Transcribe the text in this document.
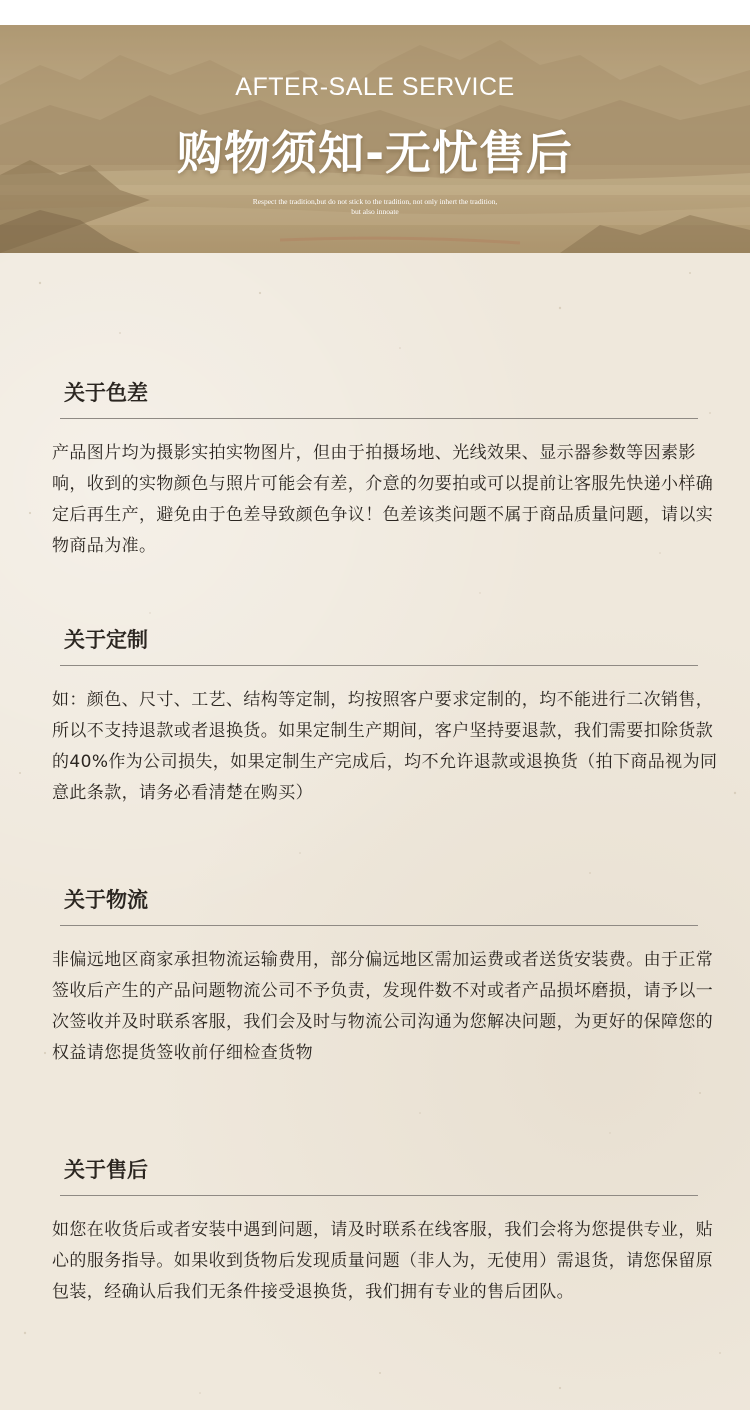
AFTER-SALE SERVICE
购物须知-无忧售后
Respect the tradition,but do not stick to the tradition, not only inhert the tradition, but also innoate
关于色差
产品图片均为摄影实拍实物图片，但由于拍摄场地、光线效果、显示器参数等因素影响，收到的实物颜色与照片可能会有差，介意的勿要拍或可以提前让客服先快递小样确定后再生产，避免由于色差导致颜色争议！色差该类问题不属于商品质量问题，请以实物商品为准。
关于定制
如：颜色、尺寸、工艺、结构等定制，均按照客户要求定制的，均不能进行二次销售，所以不支持退款或者退换货。如果定制生产期间，客户坚持要退款，我们需要扣除货款的40%作为公司损失，如果定制生产完成后，均不允许退款或退换货（拍下商品视为同意此条款，请务必看清楚在购买）
关于物流
非偏远地区商家承担物流运输费用，部分偏远地区需加运费或者送货安装费。由于正常签收后产生的产品问题物流公司不予负责，发现件数不对或者产品损坏磨损，请予以一次签收并及时联系客服，我们会及时与物流公司沟通为您解决问题，为更好的保障您的权益请您提货签收前仔细检查货物
关于售后
如您在收货后或者安装中遇到问题，请及时联系在线客服，我们会将为您提供专业，贴心的服务指导。如果收到货物后发现质量问题（非人为，无使用）需退货，请您保留原包装，经确认后我们无条件接受退换货，我们拥有专业的售后团队。
